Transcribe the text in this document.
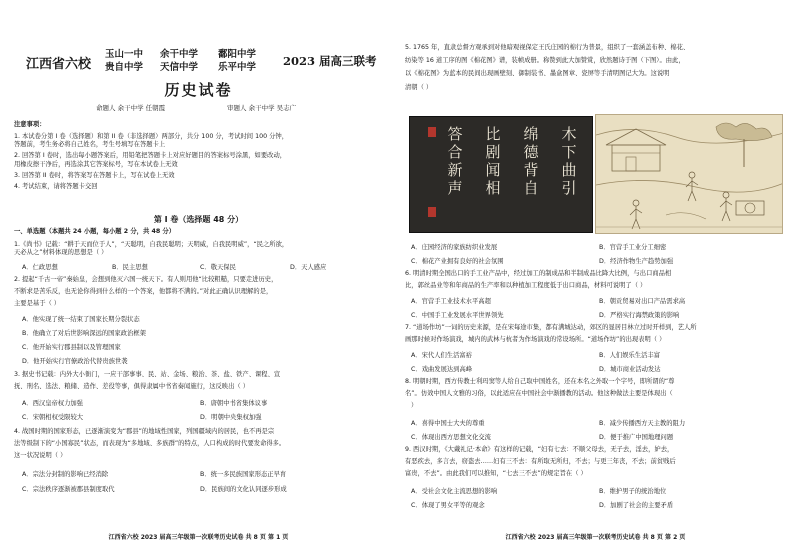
江西省六校
玉山一中
贵自中学
余干中学
天信中学
鄱阳中学
乐平中学 2023 届高三联考
历史试卷
命题人 余干中学 任朝霞	审题人 余干中学 吴志广
注意事项：
1. 本试卷分第 I 卷（选择题）和第 II 卷（非选择题）两部分，共分 100 分，考试时间 100 分钟，
答题前，考生务必将自己姓名，考生号填写在答题卡上
2. 回答第 I 卷时，选出每小题答案后，用铅笔把答题卡上对应好题目的答案标号涂黑，如要改动，
用橡皮擦干净后，再选涂其它答案标号，写在本试卷上无效
3. 回答第 II 卷时，将答案写在答题卡上，写在试卷上无效
4. 考试结束，请将答题卡交回
第 I 卷（选择题 48 分）
一、单选题（本题共 24 小题，每小题 2 分，共 48 分）
1.《尚书》记载：“耕于天而位于人”，“天聪明，自我民聪明；天明威，自我民明威”，“民之所欲，
天必从之”材料体现的思想是（ ）
A．仁政思想	B．民主思想	C．敬天保民	D．天人感应
2. 提起“千古一帝”秦始皇，会想到他灭六国一统天下。有人则用他“比较粗糙，只要走进历史，
不断求是苦乐反，也无论你得到什么样的一个答案，他都将不满的。”对此正确认识理解的是，
主要是基于（ ）
A．他实现了统一结束了国家长期分裂状态
B．他确立了对后世影响深远的国家政治框架
C．他开始实行郡县制以及管理国家
D．他开始实行官僚政治代替贵族世袭
3. 据史书记载：内外大小衙门，一应干部事事、民、站、金场、粮治、茶、盐、铁产、课程、宣
抚、刑名、选法、粮储、造作、差役等事，俱得隶属中书省奏闻施行，这反映出（ ）
A．西汉皇帝权力加强	B．唐朝中书省集体议事
C．宋朝相权受限较大	D．明朝中央集权加强
4. 战国时期的国家形态，已逐渐演变为“郡县”的地域性国家，列国疆域内的居民，也不再是宗
法等级制下的“小国寡民”状态，而表现为“多地域、多族群”的特点，人口构成的时代要发命得多。
这一状况说明（ ）
A．宗法分封制的影响已经消除	B．统一多民族国家形态正早育
C．宗法秩序逐渐被郡县制度取代	D．民族间的文化认同逐步形成
江西省六校 2023 届高三年级第一次联考历史试卷 共 8 页 第 1 页
5. 1765 年，直隶总督方观承到对他暗观视保定王氏庄园的棉行为普景，组织了一套涵盖布种、棉花、
纺染等 16 道工序的图《棉花图》谱，装帧成册。称赞到此大加赞赏，欣然题诗于图（下图）。由此，
以《棉花图》为蓝本的民间出现画壁刻、御制装书、墨盒图章、瓷屏等手清明图记大为。这说明
清朝（ ）
木
下
曲
引
绵
德
背
自
比
剧
闻
相
答
合
新
声
A．庄园经济的家族纺织业发展	B．官营手工业分工细密
C．棉花产业拥有良好的社会氛围	D．经济作物生产趋势加强
6. 明清时期全国出口的手工业产品中，经过加工的制成品和半制成品比降大比例，与出口商品相
比，郭丝品业等和年商品的生产率和以种植加工程度低于出口商品，材料可说明了（ ）
A．官营手工业技术水平高超	B．朝贡贸易对出口产品需求高
C．中国手工业发展水平世界领先	D．严格实行海禁政策的影响
7. “道场作坊”一词的历史来源，是在宋每途市集，都有满城达动，郊区的显居目林立过时开样到，艺人所
画那时候对作场演戏，城内的武林与杭者为作场演戏的常设场所。“道场作坊”的出现表明（ ）
A．宋代人们生活富裕	B．人们娱乐生活丰富
C．戏曲发展达到高峰	D．城市商业活动发达
8. 明朝时期，西方传教士利玛窦等人给自己取中国姓名，还在本名之外取一个字号，即所谓的“尊
名”。仿效中国人文雅的习俗，以此适应在中国社会中渐播教的活动。他这种做法主要是体现出（
）
A．喜得中国士大夫的尊重	B．减少传播西方天主教的阻力
C．体现出西方思想文化交流	D．便于推广中国地理问题
9. 西汉时期，《大戴礼记·本命》有这样的记载，“妇有七去：不顺父母去，无子去，淫去，妒去，
有恶疾去，多言去，窃盗去……妇有三不去：有所取无所归，不去；与更三年丧，不去；前贫贱后
富贵，不去”。由此我们可以推知，“七去三不去”的规定旨在（ ）
A．受社会文化主流思想的影响	B．维护男子的统治地位
C．体现了男女平等的观念	D．加剧了社会的主要矛盾
江西省六校 2023 届高三年级第一次联考历史试卷 共 8 页 第 2 页
